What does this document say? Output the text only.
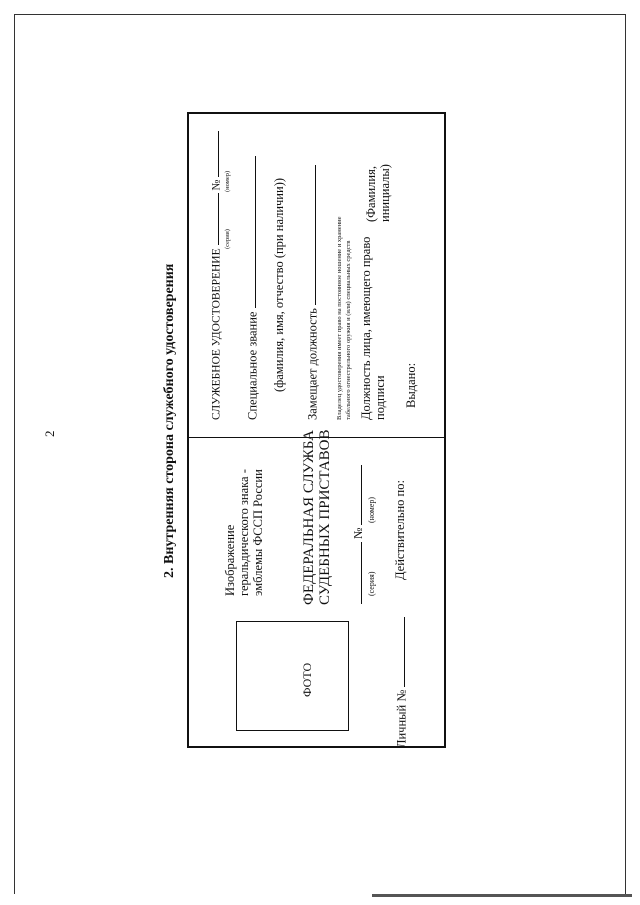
2	2. Внутренняя сторона служебного удостоверения
ФОТО
Изображение геральдического знака - эмблемы ФССП России ФЕДЕРАЛЬНАЯ СЛУЖБА СУДЕБНЫХ ПРИСТАВОВ №
(серия)
(номер) Действительно по:
Личный №
СЛУЖЕБНОЕ УДОСТОВЕРЕНИЕ  №
(серия)
(номер)
Специальное звание (фамилия, имя, отчество (при наличии)) Замещает должность	Владелец удостоверения имеет право на постоянное ношение и хранение табельного огнестрельного оружия и (или) специальных средств Должность лица, имеющего право подписи
(Фамилия, инициалы)
Выдано:
